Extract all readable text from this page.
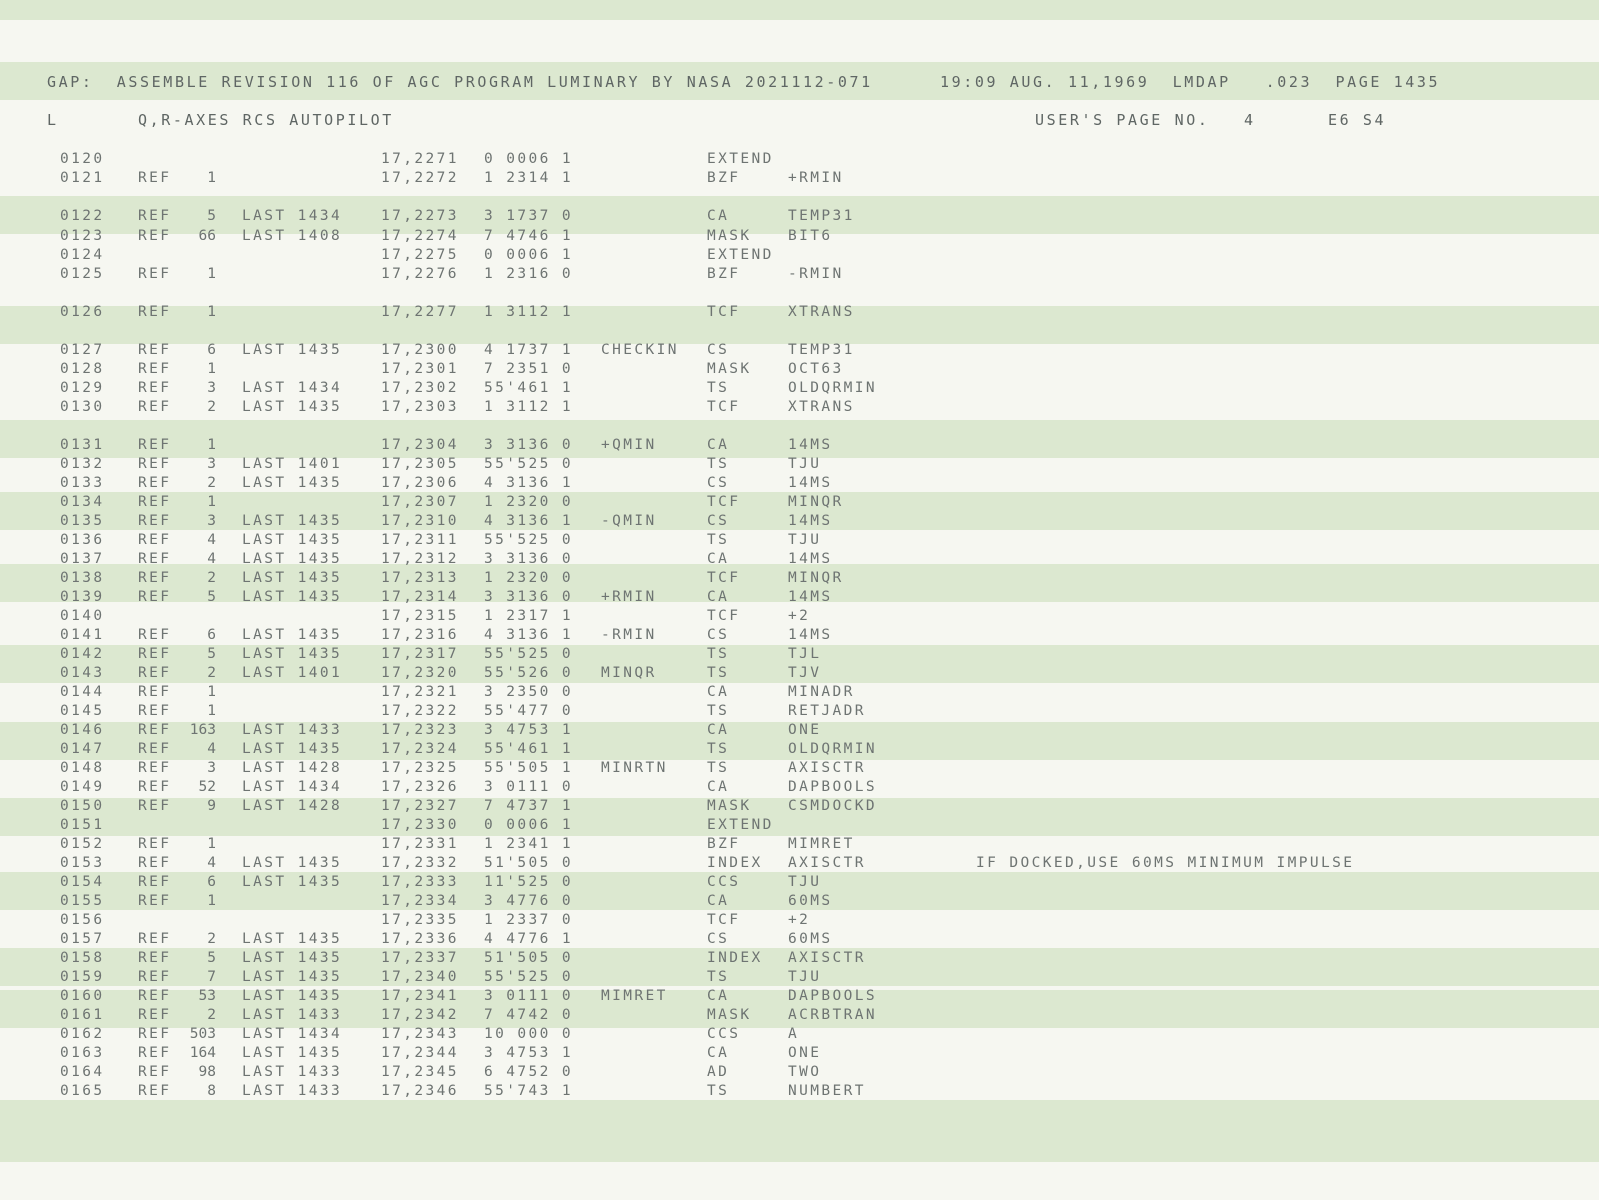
GAP:  ASSEMBLE REVISION 116 OF AGC PROGRAM LUMINARY BY NASA 2021112-071

	19:09 AUG. 11,1969  LMDAP   .023  PAGE 1435

L

	Q,R-AXES RCS AUTOPILOT

	USER'S PAGE NO.

4

	E6 S4

0120	17,2271 0 0006 1	EXTEND
0121 REF 1	17,2272 1 2314 1	BZF	+RMIN
0122 REF 5 LAST 1434	17,2273 3 1737 0	CA	TEMP31
0123 REF 66 LAST 1408	17,2274 7 4746 1	MASK	BIT6
0124	17,2275 0 0006 1	EXTEND
0125 REF 1	17,2276 1 2316 0	BZF	-RMIN
0126 REF 1	17,2277 1 3112 1	TCF	XTRANS
0127 REF 6 LAST 1435	17,2300 4 1737 1 CHECKIN CS	TEMP31
0128 REF 1	17,2301 7 2351 0	MASK	OCT63
0129 REF 3 LAST 1434	17,2302 55'461 1	TS	OLDQRMIN
0130 REF 2 LAST 1435	17,2303 1 3112 1	TCF	XTRANS
0131 REF 1	17,2304 3 3136 0 +QMIN	CA	14MS
0132 REF 3 LAST 1401	17,2305 55'525 0	TS	TJU
0133 REF 2 LAST 1435	17,2306 4 3136 1	CS	14MS
0134 REF 1	17,2307 1 2320 0	TCF	MINQR
0135 REF 3 LAST 1435	17,2310 4 3136 1 -QMIN	CS	14MS
0136 REF 4 LAST 1435	17,2311 55'525 0	TS	TJU
0137 REF 4 LAST 1435	17,2312 3 3136 0	CA	14MS
0138 REF 2 LAST 1435	17,2313 1 2320 0	TCF	MINQR
0139 REF 5 LAST 1435	17,2314 3 3136 0 +RMIN	CA	14MS
0140	17,2315 1 2317 1	TCF	+2
0141 REF 6 LAST 1435	17,2316 4 3136 1 -RMIN	CS	14MS
0142 REF 5 LAST 1435	17,2317 55'525 0	TS	TJL
0143 REF 2 LAST 1401	17,2320 55'526 0 MINQR	TS	TJV
0144 REF 1	17,2321 3 2350 0	CA	MINADR
0145 REF 1	17,2322 55'477 0	TS	RETJADR
0146 REF 163 LAST 1433	17,2323 3 4753 1	CA	ONE
0147 REF 4 LAST 1435	17,2324 55'461 1	TS	OLDQRMIN
0148 REF 3 LAST 1428	17,2325 55'505 1 MINRTN	TS	AXISCTR
0149 REF 52 LAST 1434	17,2326 3 0111 0	CA	DAPBOOLS
0150 REF 9 LAST 1428	17,2327 7 4737 1	MASK	CSMDOCKD
0151	17,2330 0 0006 1	EXTEND
0152 REF 1	17,2331 1 2341 1	BZF	MIMRET
0153 REF 4 LAST 1435	17,2332 51'505 0	INDEX AXISCTR	IF DOCKED,USE 60MS MINIMUM IMPULSE
0154 REF 6 LAST 1435	17,2333 11'525 0	CCS	TJU
0155 REF 1	17,2334 3 4776 0	CA	60MS
0156	17,2335 1 2337 0	TCF	+2
0157 REF 2 LAST 1435	17,2336 4 4776 1	CS	60MS
0158 REF 5 LAST 1435	17,2337 51'505 0	INDEX AXISCTR
0159 REF 7 LAST 1435	17,2340 55'525 0	TS	TJU
0160 REF 53 LAST 1435	17,2341 3 0111 0 MIMRET	CA	DAPBOOLS
0161 REF 2 LAST 1433	17,2342 7 4742 0	MASK	ACRBTRAN
0162 REF 503 LAST 1434	17,2343 10 000 0	CCS	A
0163 REF 164 LAST 1435	17,2344 3 4753 1	CA	ONE
0164 REF 98 LAST 1433	17,2345 6 4752 0	AD	TWO
0165 REF 8 LAST 1433	17,2346 55'743 1	TS	NUMBERT
